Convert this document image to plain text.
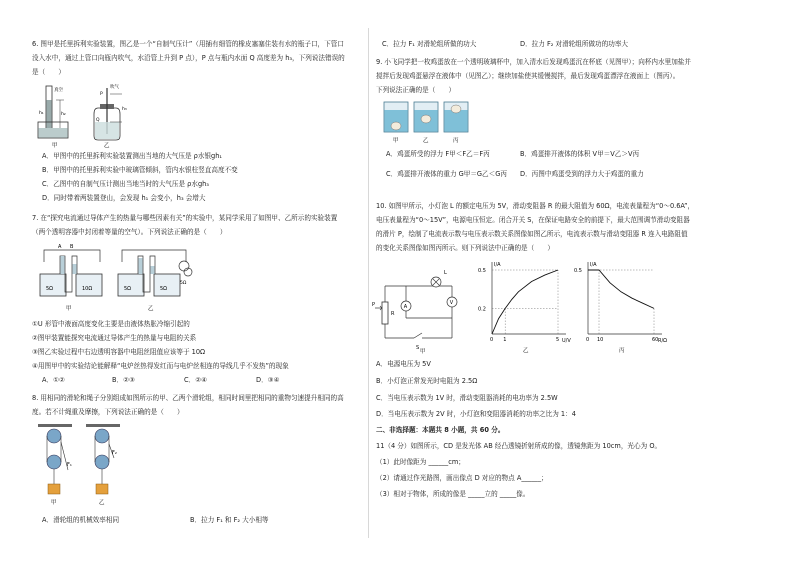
6. 图甲是托里拆利实验装置，图乙是一个“自制气压计”（用插有细管的橡皮塞塞住装有水的瓶子口，下管口
没入水中，通过上管口向瓶内吹气，水沿管上升到 P 点），P 点与瓶内水面 Q 高度差为 h₃，下列说法错误的
是（　　）
真空
h₁	h₂
甲
h₃
P
Q
吹气
乙
A．甲图中的托里拆利实验装置测出当地的大气压是 ρ水银gh₁
B．甲图中的托里拆利实验中玻璃管倾斜，管内水银柱竖直高度不变
C．乙图中的自制气压计测出当地当时的大气压是 ρ水gh₃
D．同时带着两装置登山，会发现 h₁ 会变小，h₃ 会增大
7. 在“探究电流通过导体产生的热量与哪些因素有关”的实验中，某同学采用了如图甲、乙所示的实验装置
（两个透明容器中封闭着等量的空气）。下列说法正确的是（　　）
5Ω	10Ω
A B
甲
5Ω	5Ω
5Ω
乙
①U 形管中液面高度变化主要是由液体热胀冷缩引起的
②图甲装置能探究电流通过导体产生的热量与电阻的关系
③图乙实验过程中右边透明容器中电阻丝阻值应该等于 10Ω
④用图甲中的实验结论能解释“电炉丝热得发红而与电炉丝相连的导线几乎不发热”的现象
A．①②	B．②③	C．②④	D．③④
8. 用相同的滑轮和绳子分别组成如图所示的甲、乙两个滑轮组，相同时间里把相同的重物匀速提升相同的高
度。若不计绳重及摩擦，下列说法正确的是（　　）
F₁
甲
F₂
乙
A．滑轮组的机械效率相同	B．拉力 F₁ 和 F₂ 大小相等
C．拉力 F₁ 对滑轮组所做的功大	D．拉力 F₂ 对滑轮组所做功的功率大
9. 小飞同学把一枚鸡蛋放在一个透明玻璃杯中，加入清水后发现鸡蛋沉在杯底（见图甲）；向杯内水里加盐并
搅拌后发现鸡蛋悬浮在液体中（见图乙）；继续加盐使其缓慢搅拌，最后发现鸡蛋漂浮在液面上（图丙）。
下列说法正确的是（　　）
甲	乙	丙
A．鸡蛋所受的浮力 F甲＜F乙＝F丙	B．鸡蛋排开液体的体积 V甲＝V乙＞V丙
C．鸡蛋排开液体的重力 G甲＝G乙＜G丙 D．丙图中鸡蛋受到的浮力大于鸡蛋的重力
10. 如图甲所示，小灯泡 L 的额定电压为 5V，滑动变阻器 R 的最大阻值为 60Ω，电流表量程为“0～0.6A”，
电压表量程为“0～15V”，电源电压恒定。闭合开关 S，在保证电路安全的前提下，最大范围调节滑动变阻器
的滑片 P，绘制了电流表示数与电压表示数关系图像如图乙所示，电流表示数与滑动变阻器 R 连入电路阻值
的变化关系图像如图丙所示。则下列说法中正确的是（　　）
P
R
S
A
L
V
甲
I/A
U/V
0 1	5
0.5
0.2
乙
I/A
R/Ω
0 10	60
0.5
丙
A．电源电压为 5V
B．小灯泡正常发光时电阻为 2.5Ω
C．当电压表示数为 1V 时，滑动变阻器消耗的电功率为 2.5W
D．当电压表示数为 2V 时，小灯泡和变阻器消耗的功率之比为 1：4
二、非选择题：本题共 8 小题，共 60 分。
11（4 分）如图所示，CD 是发光体 AB 经凸透镜折射所成的像，透镜焦距为 10cm，光心为 O。
（1）此时像距为 ______cm；
（2）请通过作光路图，画出像点 D 对应的物点 A______；
（3）相对于物体，所成的像是 _____立的 _____像。
